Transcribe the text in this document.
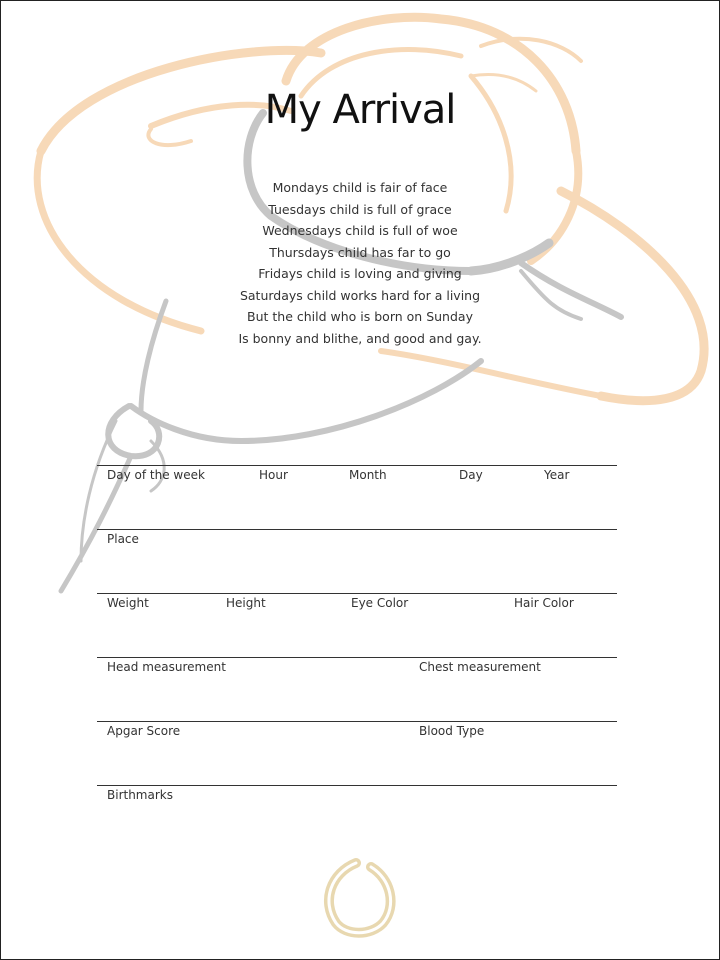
My Arrival
Mondays child is fair of face
Tuesdays child is full of grace
Wednesdays child is full of woe
Thursdays child has far to go
Fridays child is loving and giving
Saturdays child works hard for a living
But the child who is born on Sunday
Is bonny and blithe, and good and gay.
Day of the week	Hour	Month	Day	Year
Place
Weight	Height	Eye Color	Hair Color
Head measurement	Chest measurement
Apgar Score	Blood Type
Birthmarks
